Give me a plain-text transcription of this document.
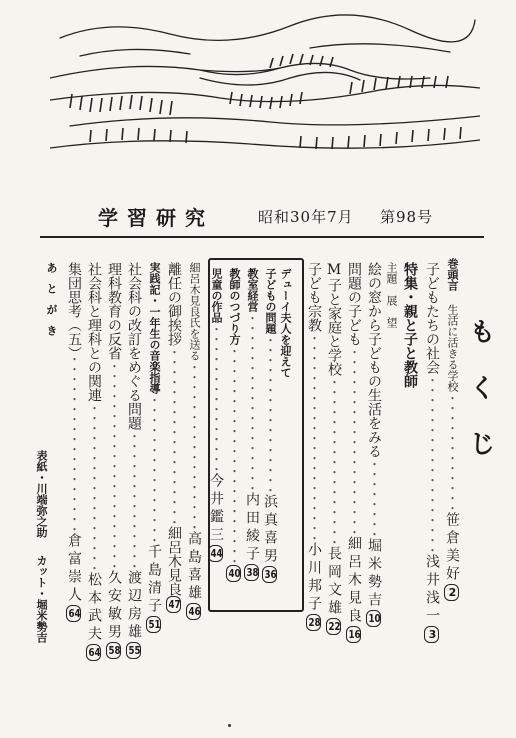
学習研究	昭和30年7月 第98号
もくじ
巻頭言 生活に活きる学校・・・・・・・・・・・・笹倉美好2
子どもたちの社会・・・・・・・・・・・・・・・・・・浅井浅一3
特集・親と子と教師
主題　展　望
絵の窓から子どもの生活をみる・・・・・・・・堀米勢吉10
問題の子ども・・・・・・・・・・・・・・・・・・・細呂木見良16
M子と家庭と学校・・・・・・・・・・・・・・・・・長岡文雄22
子ども宗教・・・・・・・・・・・・・・・・・・・・・小川邦子28
デューイ夫人を迎えて
子どもの問題・・・・・・・・・・・・・・・・浜真喜男36
教室経営・・・・・・・・・・・・・・・・・・内田綾子38
教師のつづり方・・・・・・・・・・・・・・・・・・・・・・40
児童の作品・・・・・・・・・・・・・・・今井鑑三44
細呂木見良氏を送る・・・・・・・・・・・・・・・・・高島喜雄46
離任の御挨拶・・・・・・・・・・・・・・・・・・細呂木見良47
実践記・一年生の音楽指導・・・・・・・・・・・・・・・千島清子51
社会科の改訂をめぐる問題・・・・・・・・・・・・・・渡辺房雄55
理科教育の反省・・・・・・・・・・・・・・・・・・・・・久安敏男58
社会科と理科との関連・・・・・・・・・・・・・・・・・松本武夫64
集団思考（五）・・・・・・・・・・・・・・・・・・倉富崇人64
あとがき
表紙・川端弥之助
カット・堀米勢吉
